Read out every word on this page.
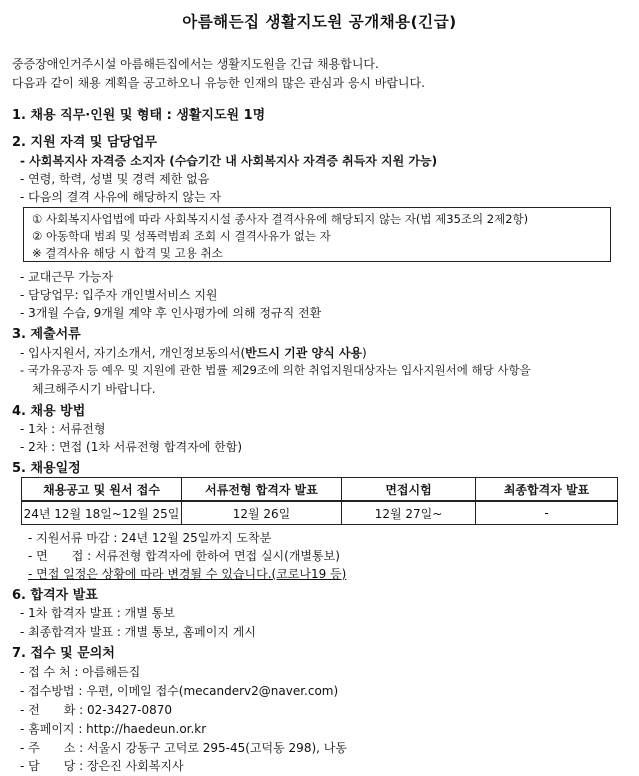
아름해든집 생활지도원 공개채용(긴급)
중증장애인거주시설 아름해든집에서는 생활지도원을 긴급 채용합니다.
다음과 같이 채용 계획을 공고하오니 유능한 인재의 많은 관심과 응시 바랍니다.
1. 채용 직무·인원 및 형태 : 생활지도원 1명
2. 지원 자격 및 담당업무
- 사회복지사 자격증 소지자 (수습기간 내 사회복지사 자격증 취득자 지원 가능)
- 연령, 학력, 성별 및 경력 제한 없음
- 다음의 결격 사유에 해당하지 않는 자
① 사회복지사업법에 따라 사회복지시설 종사자 결격사유에 해당되지 않는 자(법 제35조의 2제2항)
② 아동학대 범죄 및 성폭력범죄 조회 시 결격사유가 없는 자
※ 결격사유 해당 시 합격 및 고용 취소
- 교대근무 가능자
- 담당업무: 입주자 개인별서비스 지원
- 3개월 수습, 9개월 계약 후 인사평가에 의해 정규직 전환
3. 제출서류
- 입사지원서, 자기소개서, 개인정보동의서(반드시 기관 양식 사용)
- 국가유공자 등 예우 및 지원에 관한 법률 제29조에 의한 취업지원대상자는 입사지원서에 해당 사항을
체크해주시기 바랍니다.
4. 채용 방법
- 1차 : 서류전형
- 2차 : 면접 (1차 서류전형 합격자에 한함)
5. 채용일정
채용공고 및 원서 접수	서류전형 합격자 발표	면접시험	최종합격자 발표
24년 12월 18일~12월 25일	12월 26일	12월 27일~	-
- 지원서류 마감 : 24년 12월 25일까지 도착분
- 면　　접 : 서류전형 합격자에 한하여 면접 실시(개별통보)
- 면접 일정은 상황에 따라 변경될 수 있습니다.(코로나19 등)
6. 합격자 발표
- 1차 합격자 발표 : 개별 통보
- 최종합격자 발표 : 개별 통보, 홈페이지 게시
7. 접수 및 문의처
- 접 수 처 : 아름해든집
- 접수방법 : 우편, 이메일 접수(mecanderv2@naver.com)
- 전　　화 : 02-3427-0870
- 홈페이지 : http://haedeun.or.kr
- 주　　소 : 서울시 강동구 고덕로 295-45(고덕동 298), 나동
- 담　　당 : 장은진 사회복지사
